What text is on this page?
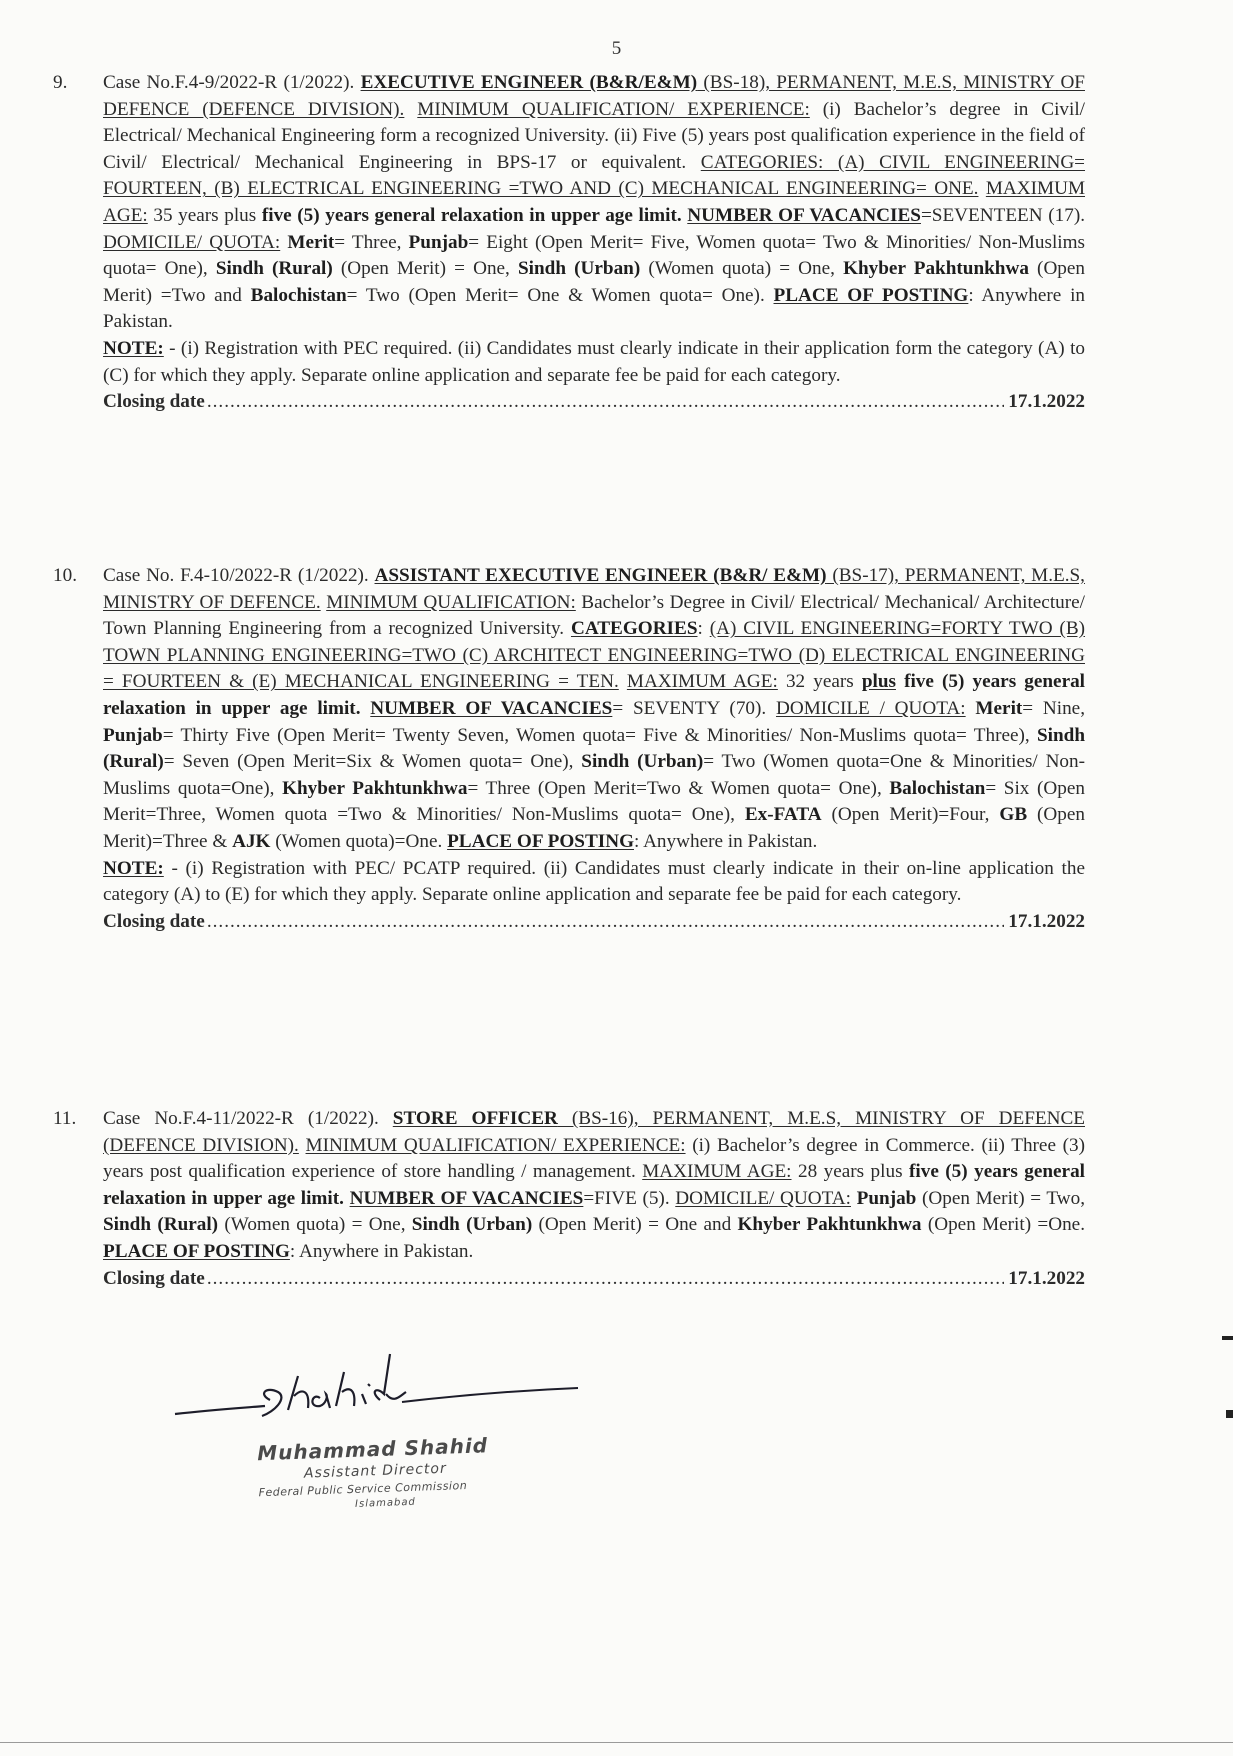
5
9. Case No.F.4-9/2022-R (1/2022). EXECUTIVE ENGINEER (B&R/E&M) (BS-18), PERMANENT, M.E.S, MINISTRY OF DEFENCE (DEFENCE DIVISION). MINIMUM QUALIFICATION/ EXPERIENCE: (i) Bachelor’s degree in Civil/ Electrical/ Mechanical Engineering form a recognized University. (ii) Five (5) years post qualification experience in the field of Civil/ Electrical/ Mechanical Engineering in BPS-17 or equivalent. CATEGORIES: (A) CIVIL ENGINEERING= FOURTEEN, (B) ELECTRICAL ENGINEERING =TWO AND (C) MECHANICAL ENGINEERING= ONE. MAXIMUM AGE: 35 years plus five (5) years general relaxation in upper age limit. NUMBER OF VACANCIES=SEVENTEEN (17). DOMICILE/ QUOTA: Merit= Three, Punjab= Eight (Open Merit= Five, Women quota= Two & Minorities/ Non-Muslims quota= One), Sindh (Rural) (Open Merit) = One, Sindh (Urban) (Women quota) = One, Khyber Pakhtunkhwa (Open Merit) =Two and Balochistan= Two (Open Merit= One & Women quota= One). PLACE OF POSTING: Anywhere in Pakistan.

NOTE: - (i) Registration with PEC required. (ii) Candidates must clearly indicate in their application form the category (A) to (C) for which they apply. Separate online application and separate fee be paid for each category.

Closing date .....	17.1.2022
10. Case No. F.4-10/2022-R (1/2022). ASSISTANT EXECUTIVE ENGINEER (B&R/ E&M) (BS-17), PERMANENT, M.E.S, MINISTRY OF DEFENCE. MINIMUM QUALIFICATION: Bachelor’s Degree in Civil/ Electrical/ Mechanical/ Architecture/ Town Planning Engineering from a recognized University. CATEGORIES: (A) CIVIL ENGINEERING=FORTY TWO (B) TOWN PLANNING ENGINEERING=TWO (C) ARCHITECT ENGINEERING=TWO (D) ELECTRICAL ENGINEERING = FOURTEEN & (E) MECHANICAL ENGINEERING = TEN. MAXIMUM AGE: 32 years plus five (5) years general relaxation in upper age limit. NUMBER OF VACANCIES= SEVENTY (70). DOMICILE / QUOTA: Merit= Nine, Punjab= Thirty Five (Open Merit= Twenty Seven, Women quota= Five & Minorities/ Non-Muslims quota= Three), Sindh (Rural)= Seven (Open Merit=Six & Women quota= One), Sindh (Urban)= Two (Women quota=One & Minorities/ Non-Muslims quota=One), Khyber Pakhtunkhwa= Three (Open Merit=Two & Women quota= One), Balochistan= Six (Open Merit=Three, Women quota =Two & Minorities/ Non-Muslims quota= One), Ex-FATA (Open Merit)=Four, GB (Open Merit)=Three & AJK (Women quota)=One. PLACE OF POSTING: Anywhere in Pakistan.

NOTE: - (i) Registration with PEC/ PCATP required. (ii) Candidates must clearly indicate in their on-line application the category (A) to (E) for which they apply. Separate online application and separate fee be paid for each category.

Closing date .....	17.1.2022
11. Case No.F.4-11/2022-R (1/2022). STORE OFFICER (BS-16), PERMANENT, M.E.S, MINISTRY OF DEFENCE (DEFENCE DIVISION). MINIMUM QUALIFICATION/ EXPERIENCE: (i) Bachelor’s degree in Commerce. (ii) Three (3) years post qualification experience of store handling / management. MAXIMUM AGE: 28 years plus five (5) years general relaxation in upper age limit. NUMBER OF VACANCIES=FIVE (5). DOMICILE/ QUOTA: Punjab (Open Merit) = Two, Sindh (Rural) (Women quota) = One, Sindh (Urban) (Open Merit) = One and Khyber Pakhtunkhwa (Open Merit) =One. PLACE OF POSTING: Anywhere in Pakistan.

Closing date .....	17.1.2022

Muhammad Shahid

Assistant Director

Federal Public Service Commission

Islamabad
